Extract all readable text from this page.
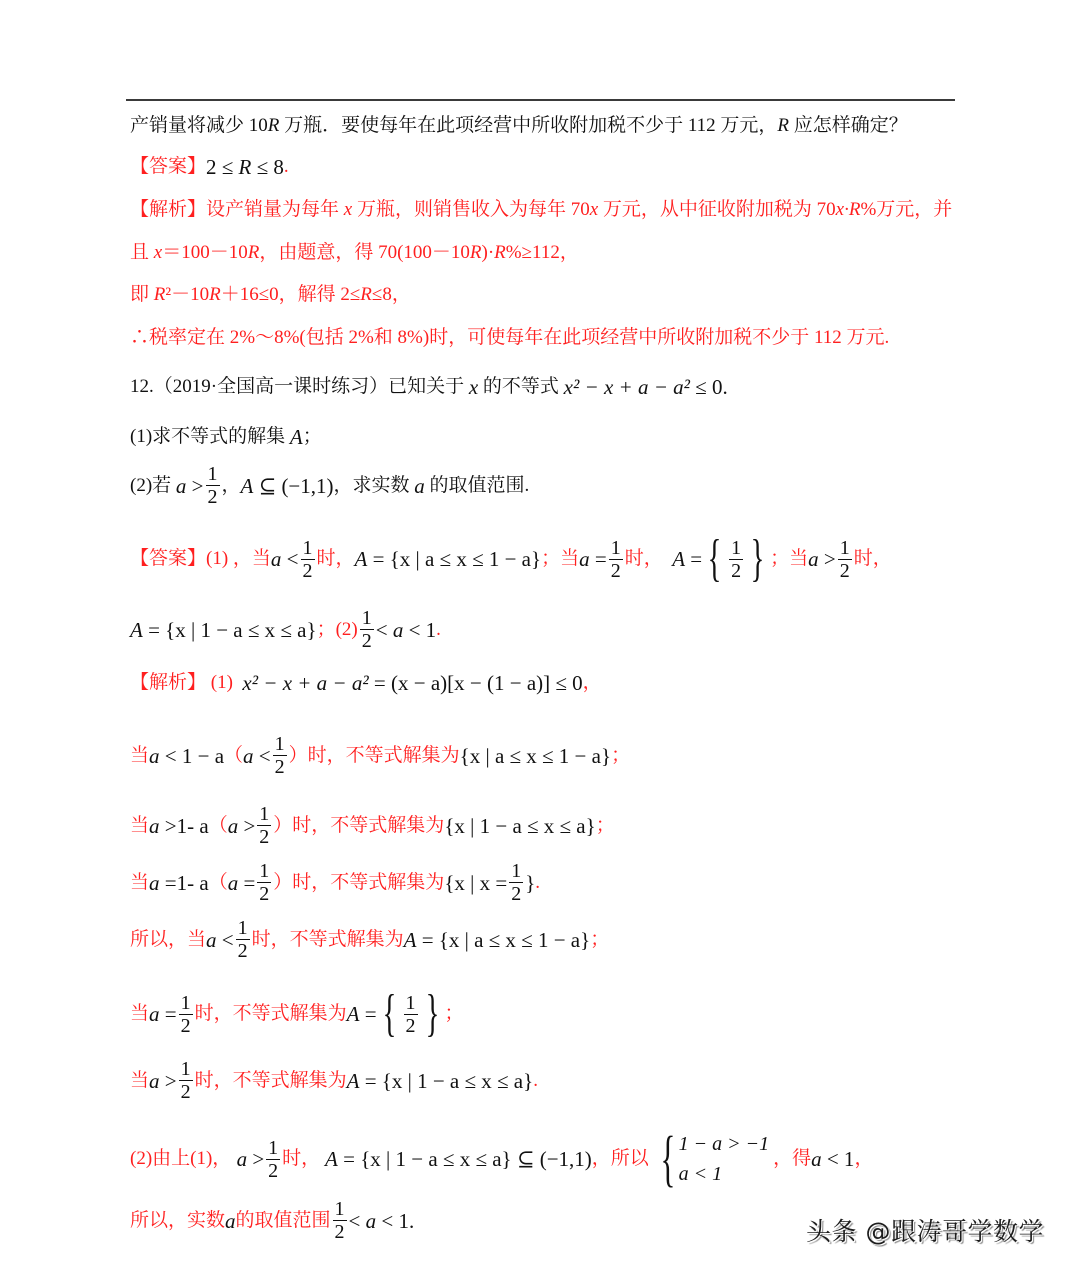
产销量将减少 10 R 万瓶．要使每年在此项经营中所收附加税不少于 112 万元， R 应怎样确定？
【答案】 2 ≤ R ≤ 8 .
【解析】设产销量为每年 x 万瓶，则销售收入为每年 70 x 万元，从中征收附加税为 70 x·R %万元，并
且 x ＝100－10 R ，由题意，得 70(100－10 R )· R %≥112，
即 R ²－10 R ＋16≤0，解得 2≤ R ≤8，
∴税率定在 2%～8%(包括 2%和 8%)时，可使每年在此项经营中所收附加税不少于 112 万元.
12.（2019·全国高一课时练习）已知关于 x 的不等式 x² − x + a − a² ≤ 0.
(1)求不等式的解集 A ；
(2)若 $a > \frac{1}{2}$ ， A ⊆ (−1,1) ，求实数 a 的取值范围.
【答案】(1) ，当 $a < \frac{1}{2}$ 时， A = {x | a ≤ x ≤ 1 − a} ；当 $a = \frac{1}{2}$ 时，　 A = { $\frac{1}{2}$ } ；当 $a > \frac{1}{2}$ 时，
A = {x | 1 − a ≤ x ≤ a} ；$(2) \frac{1}{2} < a < 1$ .
【解析】 (1) x² − x + a − a² = (x − a)[x − (1 − a)] ≤ 0 ，
当 a < 1 − a （ $a < \frac{1}{2}$ ）时，不等式解集为 {x | a ≤ x ≤ 1 − a} ；
当 a >1- a （ $a > \frac{1}{2}$ ）时，不等式解集为 {x | 1 − a ≤ x ≤ a} ；
当 a =1- a （ $a = \frac{1}{2}$ ）时，不等式解集为 {x | $x = \frac{1}{2}$ } .
所以，当 $a < \frac{1}{2}$ 时，不等式解集为 A = {x | a ≤ x ≤ 1 − a} ；
当 $a = \frac{1}{2}$ 时，不等式解集为 A = { $\frac{1}{2}$ } ；
当 $a > \frac{1}{2}$ 时，不等式解集为 A = {x | 1 − a ≤ x ≤ a} .
(2)由上(1)， $a > \frac{1}{2}$ 时， A = {x | 1 − a ≤ x ≤ a} ⊆ (−1,1) ，所以 { 1 − a > −1
a < 1
，得 a < 1 ，
所以，实数 a 的取值范围 $\frac{1}{2} < a < 1$.	头条 @跟涛哥学数学
